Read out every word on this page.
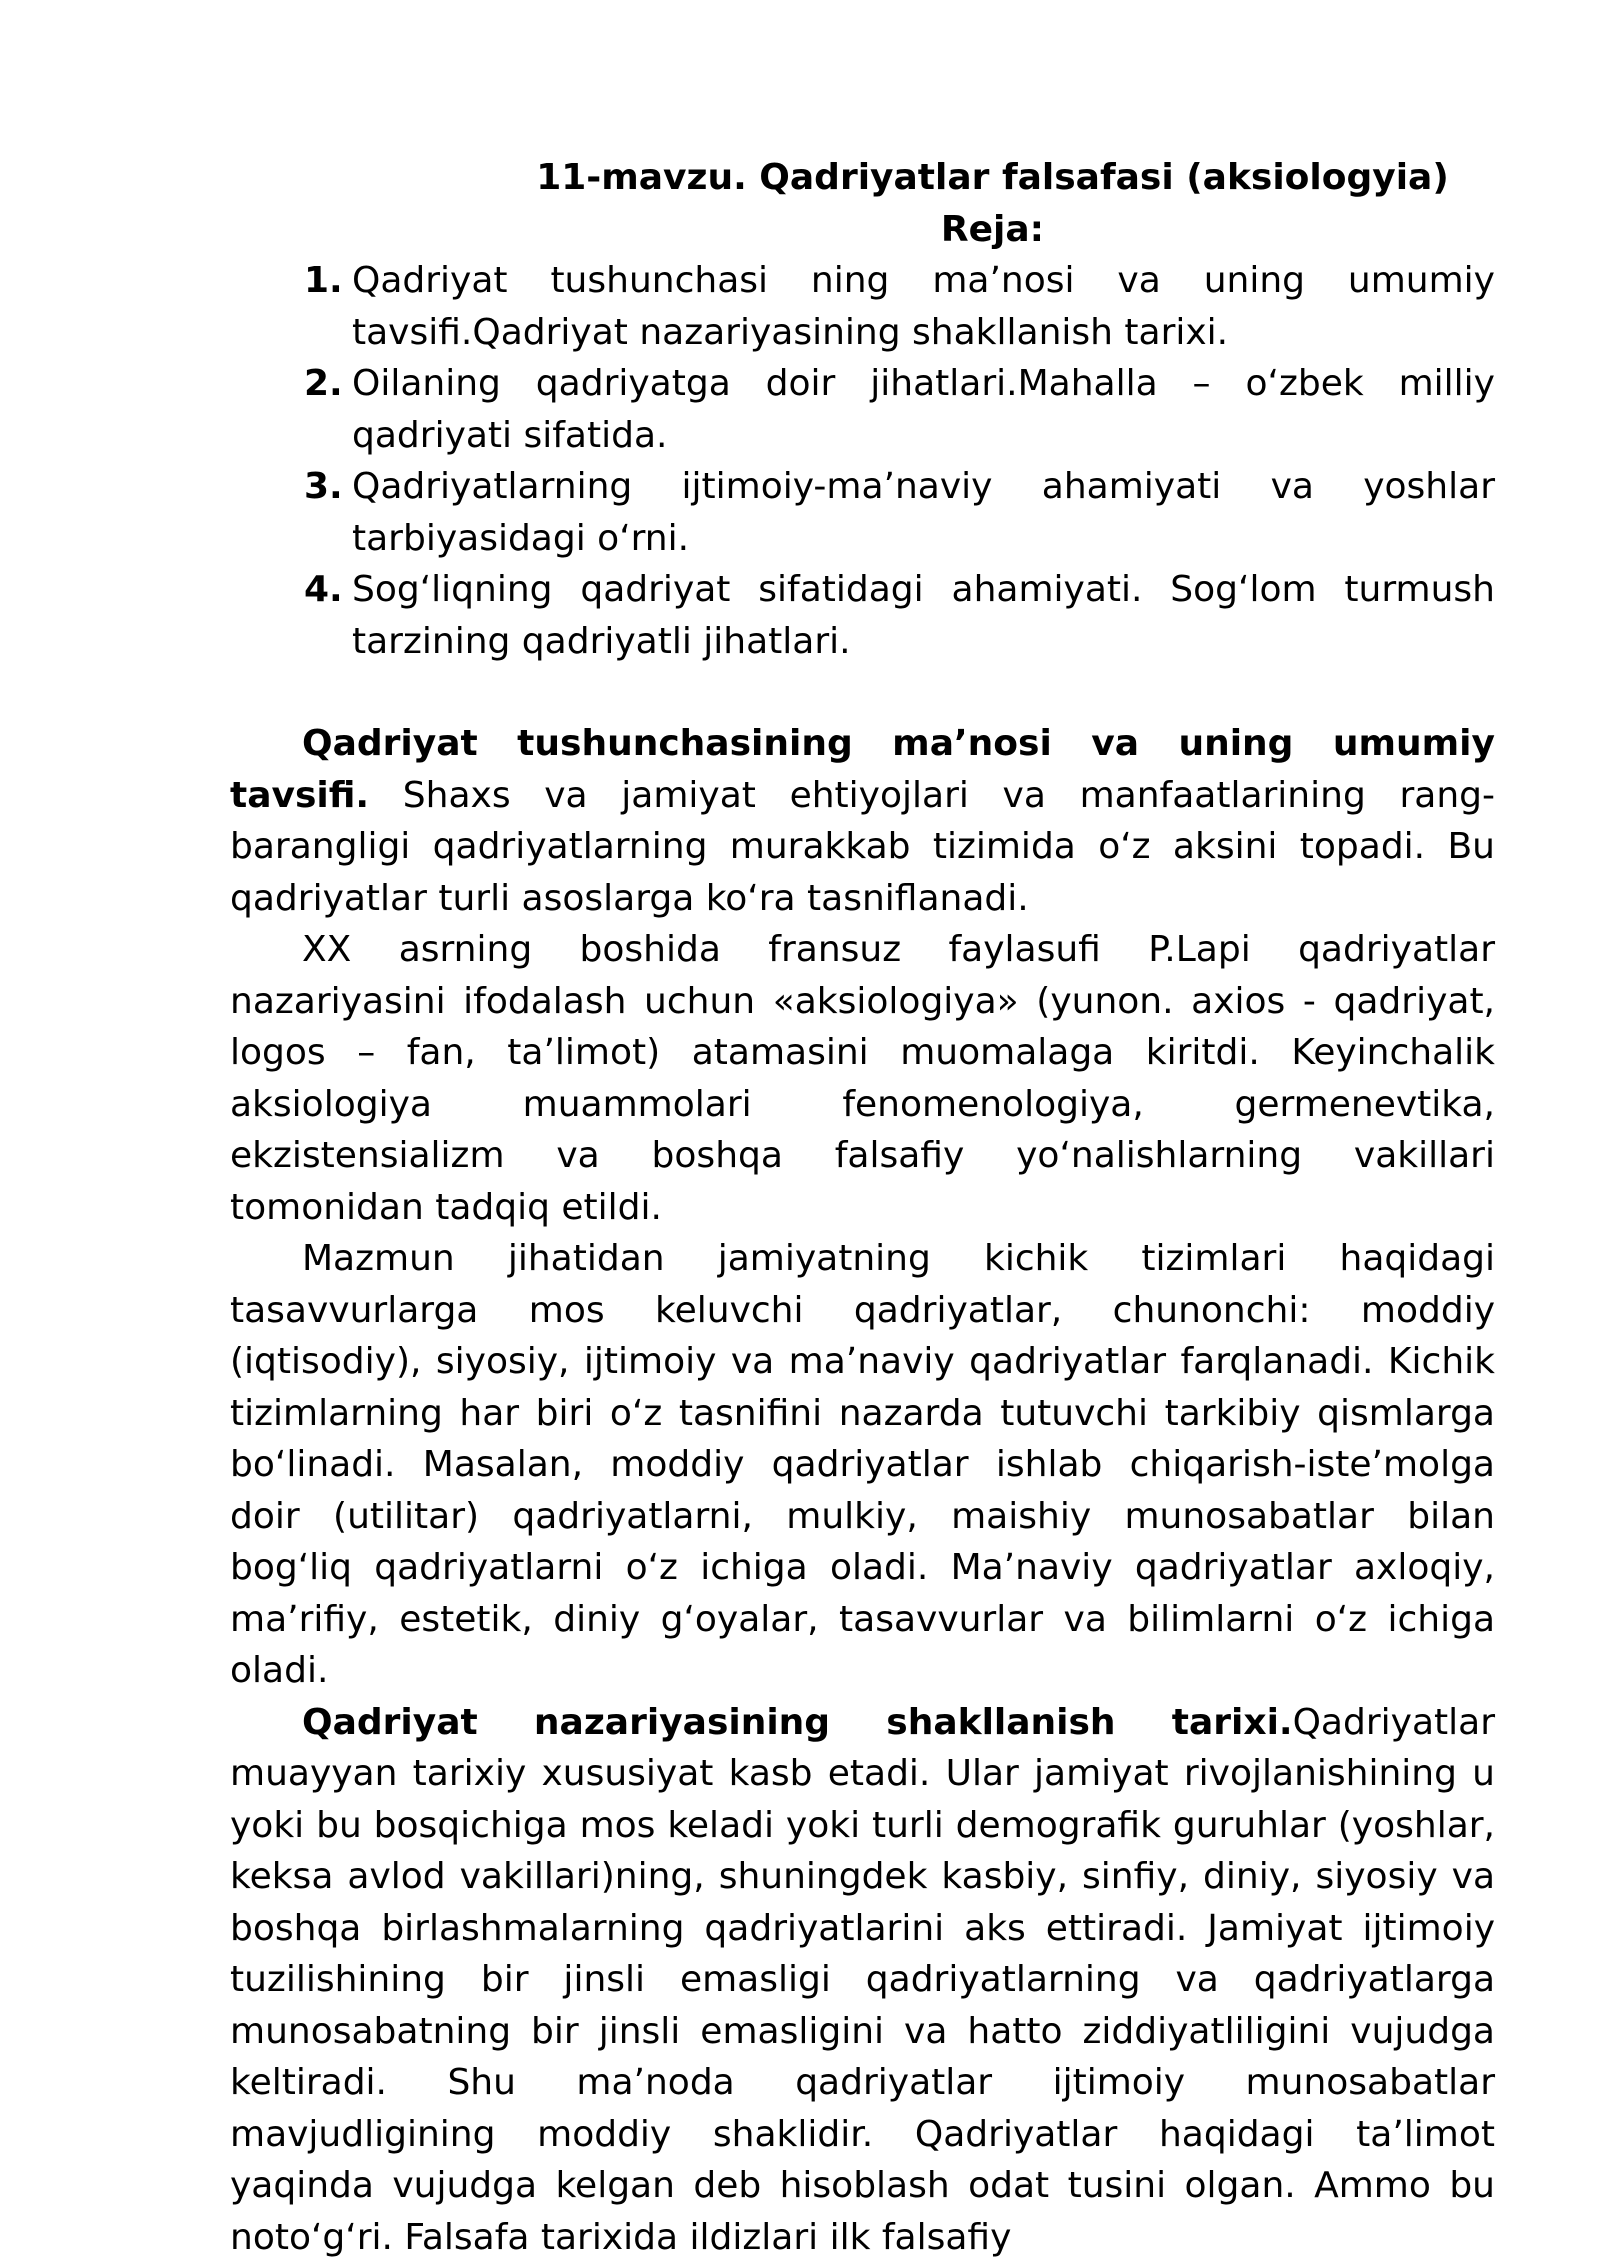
11-mavzu. Qadriyatlar falsafasi (aksiologyia)

Reja:

1. Qadriyat tushunchasi ning ma’nosi va uning umumiy tavsifi.Qadriyat nazariyasining shakllanish tarixi.
2. Oilaning qadriyatga doir jihatlari.Mahalla – o‘zbek milliy qadriyati sifatida.
3. Qadriyatlarning ijtimoiy-ma’naviy ahamiyati va yoshlar tarbiyasidagi o‘rni.
4. Sog‘liqning qadriyat sifatidagi ahamiyati. Sog‘lom turmush tarzining qadriyatli jihatlari.

Qadriyat tushunchasining ma’nosi va uning umumiy tavsifi. Shaxs va jamiyat ehtiyojlari va manfaatlarining rang-barangligi qadriyatlarning murakkab tizimida o‘z aksini topadi. Bu qadriyatlar turli asoslarga ko‘ra tasniflanadi.

XX asrning boshida fransuz faylasufi P.Lapi qadriyatlar nazariyasini ifodalash uchun «aksiologiya» (yunon. axios - qadriyat, logos – fan, ta’limot) atamasini muomalaga kiritdi. Keyinchalik aksiologiya muammolari fenomenologiya, germenevtika, ekzistensializm va boshqa falsafiy yo‘nalishlarning vakillari tomonidan tadqiq etildi.

Mazmun jihatidan jamiyatning kichik tizimlari haqidagi tasavvurlarga mos keluvchi qadriyatlar, chunonchi: moddiy (iqtisodiy), siyosiy, ijtimoiy va ma’naviy qadriyatlar farqlanadi. Kichik tizimlarning har biri o‘z tasnifini nazarda tutuvchi tarkibiy qismlarga bo‘linadi. Masalan, moddiy qadriyatlar ishlab chiqarish-iste’molga doir (utilitar) qadriyatlarni, mulkiy, maishiy munosabatlar bilan bog‘liq qadriyatlarni o‘z ichiga oladi. Ma’naviy qadriyatlar axloqiy, ma’rifiy, estetik, diniy g‘oyalar, tasavvurlar va bilimlarni o‘z ichiga oladi.

Qadriyat nazariyasining shakllanish tarixi.Qadriyatlar muayyan tarixiy xususiyat kasb etadi. Ular jamiyat rivojlanishining u yoki bu bosqichiga mos keladi yoki turli demografik guruhlar (yoshlar, keksa avlod vakillari)ning, shuningdek kasbiy, sinfiy, diniy, siyosiy va boshqa birlashmalarning qadriyatlarini aks ettiradi. Jamiyat ijtimoiy tuzilishining bir jinsli emasligi qadriyatlarning va qadriyatlarga munosabatning bir jinsli emasligini va hatto ziddiyatliligini vujudga keltiradi. Shu ma’noda qadriyatlar ijtimoiy munosabatlar mavjudligining moddiy shaklidir. Qadriyatlar haqidagi ta’limot yaqinda vujudga kelgan deb hisoblash odat tusini olgan. Ammo bu noto‘g‘ri. Falsafa tarixida ildizlari ilk falsafiy
